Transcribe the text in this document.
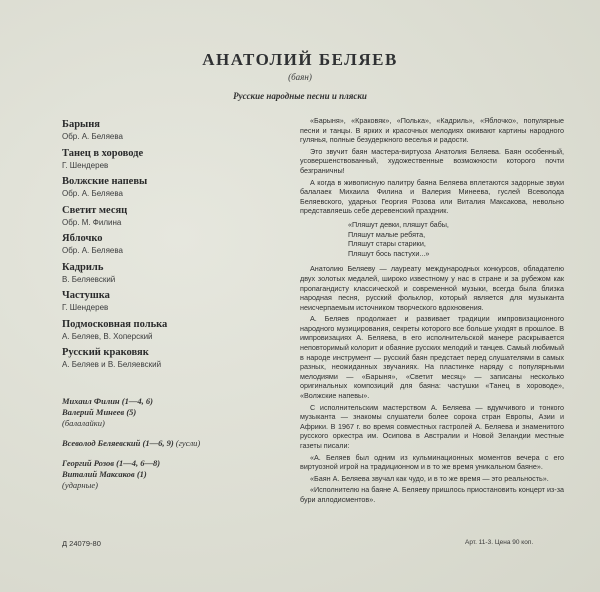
АНАТОЛИЙ БЕЛЯЕВ
(баян)
Русские народные песни и пляски
Барыня
Обр. А. Беляева
Танец в хороводе
Г. Шендерев
Волжские напевы
Обр. А. Беляева
Светит месяц
Обр. М. Филина
Яблочко
Обр. А. Беляева
Кадриль
В. Беляевский
Частушка
Г. Шендерев
Подмосковная полька
А. Беляев, В. Хоперский
Русский краковяк
А. Беляев и В. Беляевский
Михаил Филин (1—4, 6)
Валерий Минеев (5)
(балалайки)
Всеволод Беляевский (1—6, 9) (гусли)
Георгий Розов (1—4, 6—8)
Виталий Максаков (1)
(ударные)
Д 24079-80

«Барыня», «Краковяк», «Полька», «Кадриль», «Яблочко», популярные песни и танцы. В ярких и красочных мелодиях оживают картины народного гулянья, полные безудержного веселья и радости.

Это звучит баян мастера-виртуоза Анатолия Беляева. Баян особенный, усовершенствованный, художественные возможности которого почти безграничны!

А когда в живописную палитру баяна Беляева вплетаются задорные звуки балалаек Михаила Филина и Валерия Минеева, гуслей Всеволода Беляевского, ударных Георгия Розова или Виталия Максакова, невольно представляешь себе деревенский праздник.

«Пляшут девки, пляшут бабы,
Пляшут малые ребята,
Пляшут стары старики,
Пляшут бось пастухи...»

Анатолию Беляеву — лауреату международных конкурсов, обладателю двух золотых медалей, широко известному у нас в стране и за рубежом как пропагандисту классической и современной музыки, всегда была близка народная песня, русский фольклор, который является для музыканта неисчерпаемым источником творческого вдохновения.

А. Беляев продолжает и развивает традиции импровизационного народного музицирования, секреты которого все больше уходят в прошлое. В импровизациях А. Беляева, в его исполнительской манере раскрывается неповторимый колорит и обаяние русских мелодий и танцев. Самый любимый в народе инструмент — русский баян предстает перед слушателями в самых разных, неожиданных звучаниях. На пластинке наряду с популярными мелодиями — «Барыня», «Светит месяц» — записаны несколько оригинальных композиций для баяна: частушки «Танец в хороводе», «Волжские напевы».

С исполнительским мастерством А. Беляева — вдумчивого и тонкого музыканта — знакомы слушатели более сорока стран Европы, Азии и Африки. В 1967 г. во время совместных гастролей А. Беляева и знаменитого русского оркестра им. Осипова в Австралии и Новой Зеландии местные газеты писали:

«А. Беляев был одним из кульминационных моментов вечера с его виртуозной игрой на традиционном и в то же время уникальном баяне».

«Баян А. Беляева звучал как чудо, и в то же время — это реальность».

«Исполнителю на баяне А. Беляеву пришлось приостановить концерт из-за бури аплодисментов».

Арт. 11-3. Цена 90 коп.
